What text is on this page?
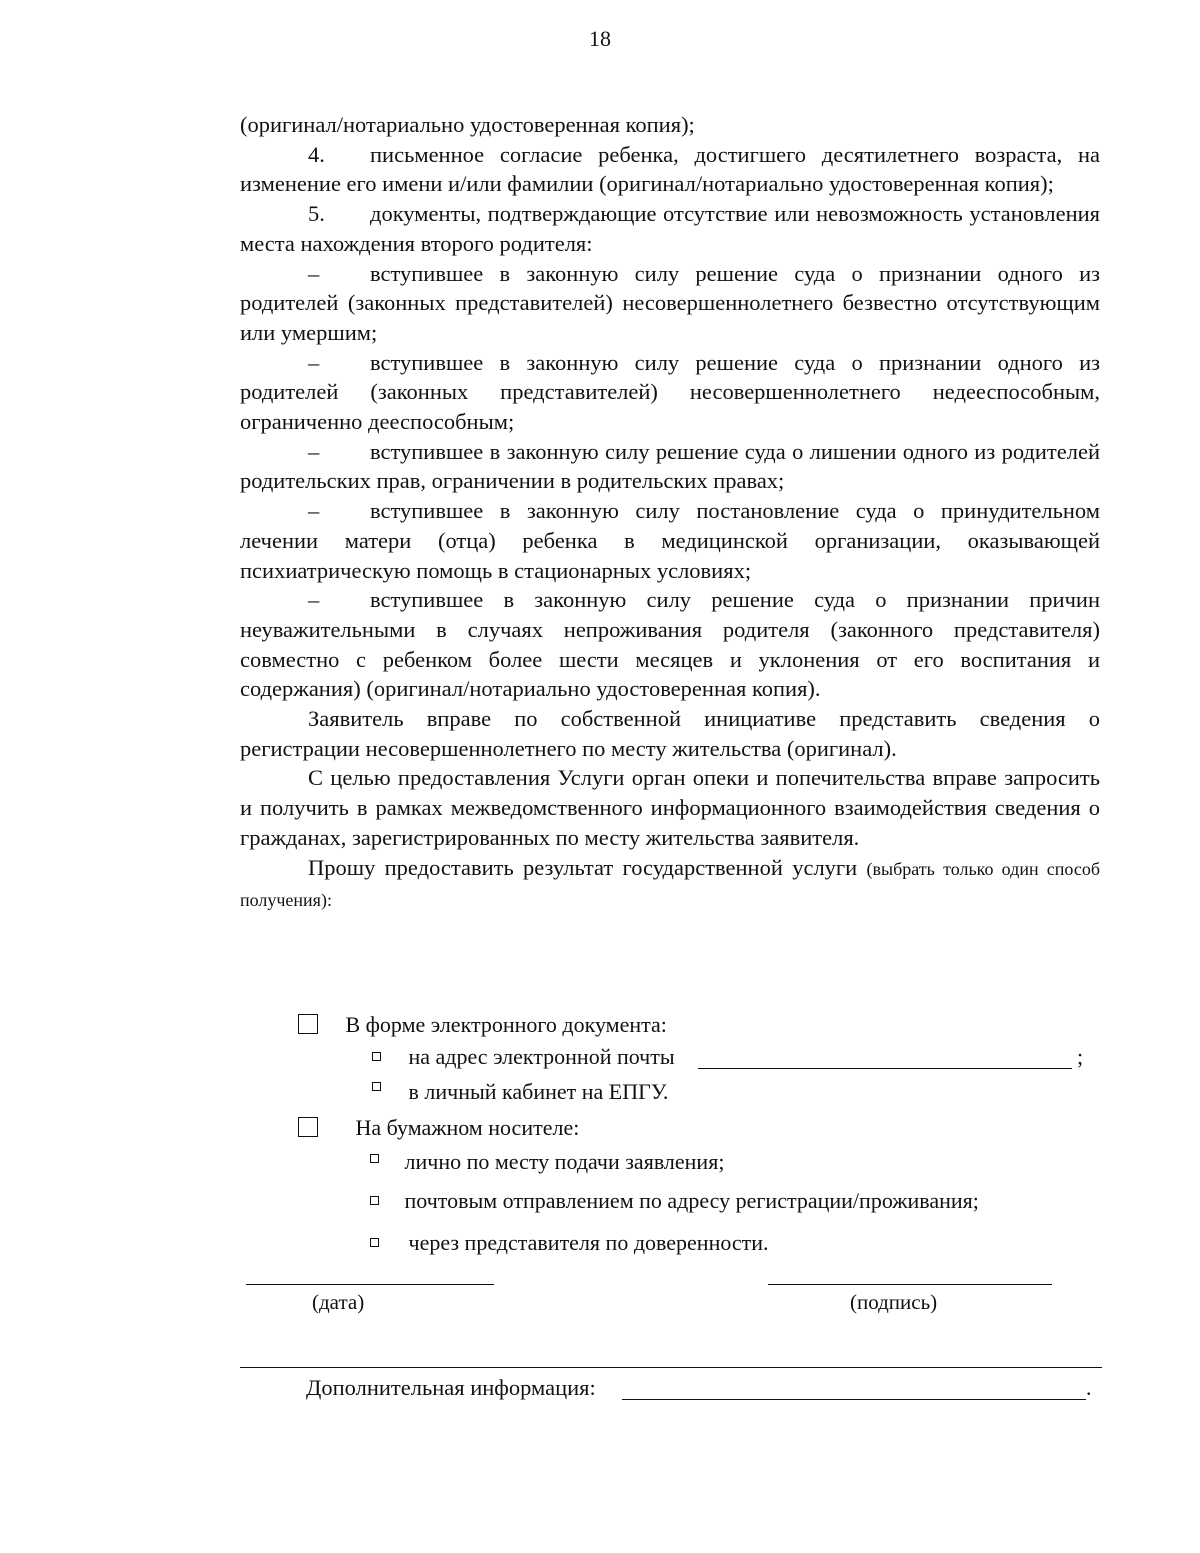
18

(оригинал/нотариально удостоверенная копия);

4. письменное согласие ребенка, достигшего десятилетнего возраста, на изменение его имени и/или фамилии (оригинал/нотариально удостоверенная копия);

5. документы, подтверждающие отсутствие или невозможность установления места нахождения второго родителя:

– вступившее в законную силу решение суда о признании одного из родителей (законных представителей) несовершеннолетнего безвестно отсутствующим или умершим;

– вступившее в законную силу решение суда о признании одного из родителей (законных представителей) несовершеннолетнего недееспособным, ограниченно дееспособным;

– вступившее в законную силу решение суда о лишении одного из родителей родительских прав, ограничении в родительских правах;

– вступившее в законную силу постановление суда о принудительном лечении матери (отца) ребенка в медицинской организации, оказывающей психиатрическую помощь в стационарных условиях;

– вступившее в законную силу решение суда о признании причин неуважительными в случаях непроживания родителя (законного представителя) совместно с ребенком более шести месяцев и уклонения от его воспитания и содержания) (оригинал/нотариально удостоверенная копия).

Заявитель вправе по собственной инициативе представить сведения о регистрации несовершеннолетнего по месту жительства (оригинал).

С целью предоставления Услуги орган опеки и попечительства вправе запросить и получить в рамках межведомственного информационного взаимодействия сведения о гражданах, зарегистрированных по месту жительства заявителя.

Прошу предоставить результат государственной услуги (выбрать только один способ получения):

В форме электронного документа:
на адрес электронной почты	;
в личный кабинет на ЕПГУ.
На бумажном носителе:
лично по месту подачи заявления;
почтовым отправлением по адресу регистрации/проживания;
через представителя по доверенности.
(дата)	(подпись)
Дополнительная информация:	.
